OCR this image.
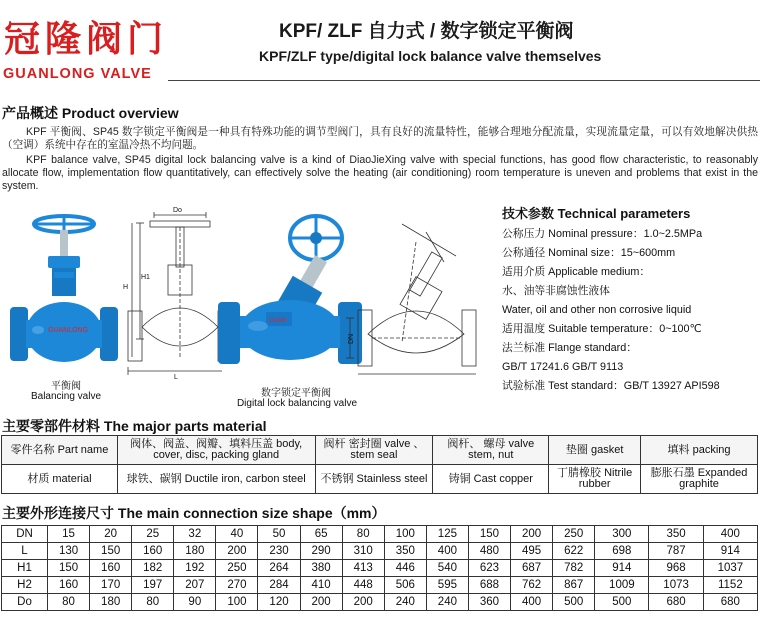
冠隆阀门
GUANLONG VALVE
KPF/ ZLF 自力式 / 数字锁定平衡阀
KPF/ZLF type/digital lock balance valve themselves
产品概述 Product overview

KPF 平衡阀、SP45 数字锁定平衡阀是一种具有特殊功能的调节型阀门，具有良好的流量特性，能够合理地分配流量，实现流量定量，可以有效地解决供热（空调）系统中存在的室温冷热不均问题。

KPF balance valve, SP45 digital lock balancing valve is a kind of DiaoJieXing valve with special functions, has good flow characteristic, to reasonably allocate flow, implementation flow quantitatively, can effectively solve the heating (air conditioning) room temperature is uneven and problems that exist in the system.

GUANLONG
平衡阀
Balancing valve
Do
H1
H
L
GUAN
数字锁定平衡阀
Digital lock balancing valve
DN
技术参数 Technical parameters
公称压力 Nominal pressure：1.0~2.5MPa
公称通径 Nominal size：15~600mm
适用介质 Applicable medium：
水、油等非腐蚀性液体
Water, oil and other non corrosive liquid
适用温度 Suitable temperature：0~100℃
法兰标准 Flange standard：
GB/T 17241.6 GB/T 9113
试验标准 Test standard：GB/T 13927 API598
主要零部件材料 The major parts material
零件名称 Part name	阀体、阀盖、阀瓣、填料压盖 body, cover, disc, packing gland	阀杆 密封圈 valve 、stem seal	阀杆、 螺母 valve stem, nut	垫圈 gasket	填料 packing
材质 material	球铁、碳钢 Ductile iron, carbon steel	不锈钢 Stainless steel	铸铜 Cast copper	丁腈橡胶 Nitrile rubber	膨胀石墨 Expanded graphite
主要外形连接尺寸 The main connection size shape（mm）
DN	15	20	25	32	40	50	65	80	100	125	150	200	250	300	350	400
L	130	150	160	180	200	230	290	310	350	400	480	495	622	698	787	914
H1	150	160	182	192	250	264	380	413	446	540	623	687	782	914	968	1037
H2	160	170	197	207	270	284	410	448	506	595	688	762	867	1009	1073	1152
Do	80	180	80	90	100	120	200	200	240	240	360	400	500	500	680	680
